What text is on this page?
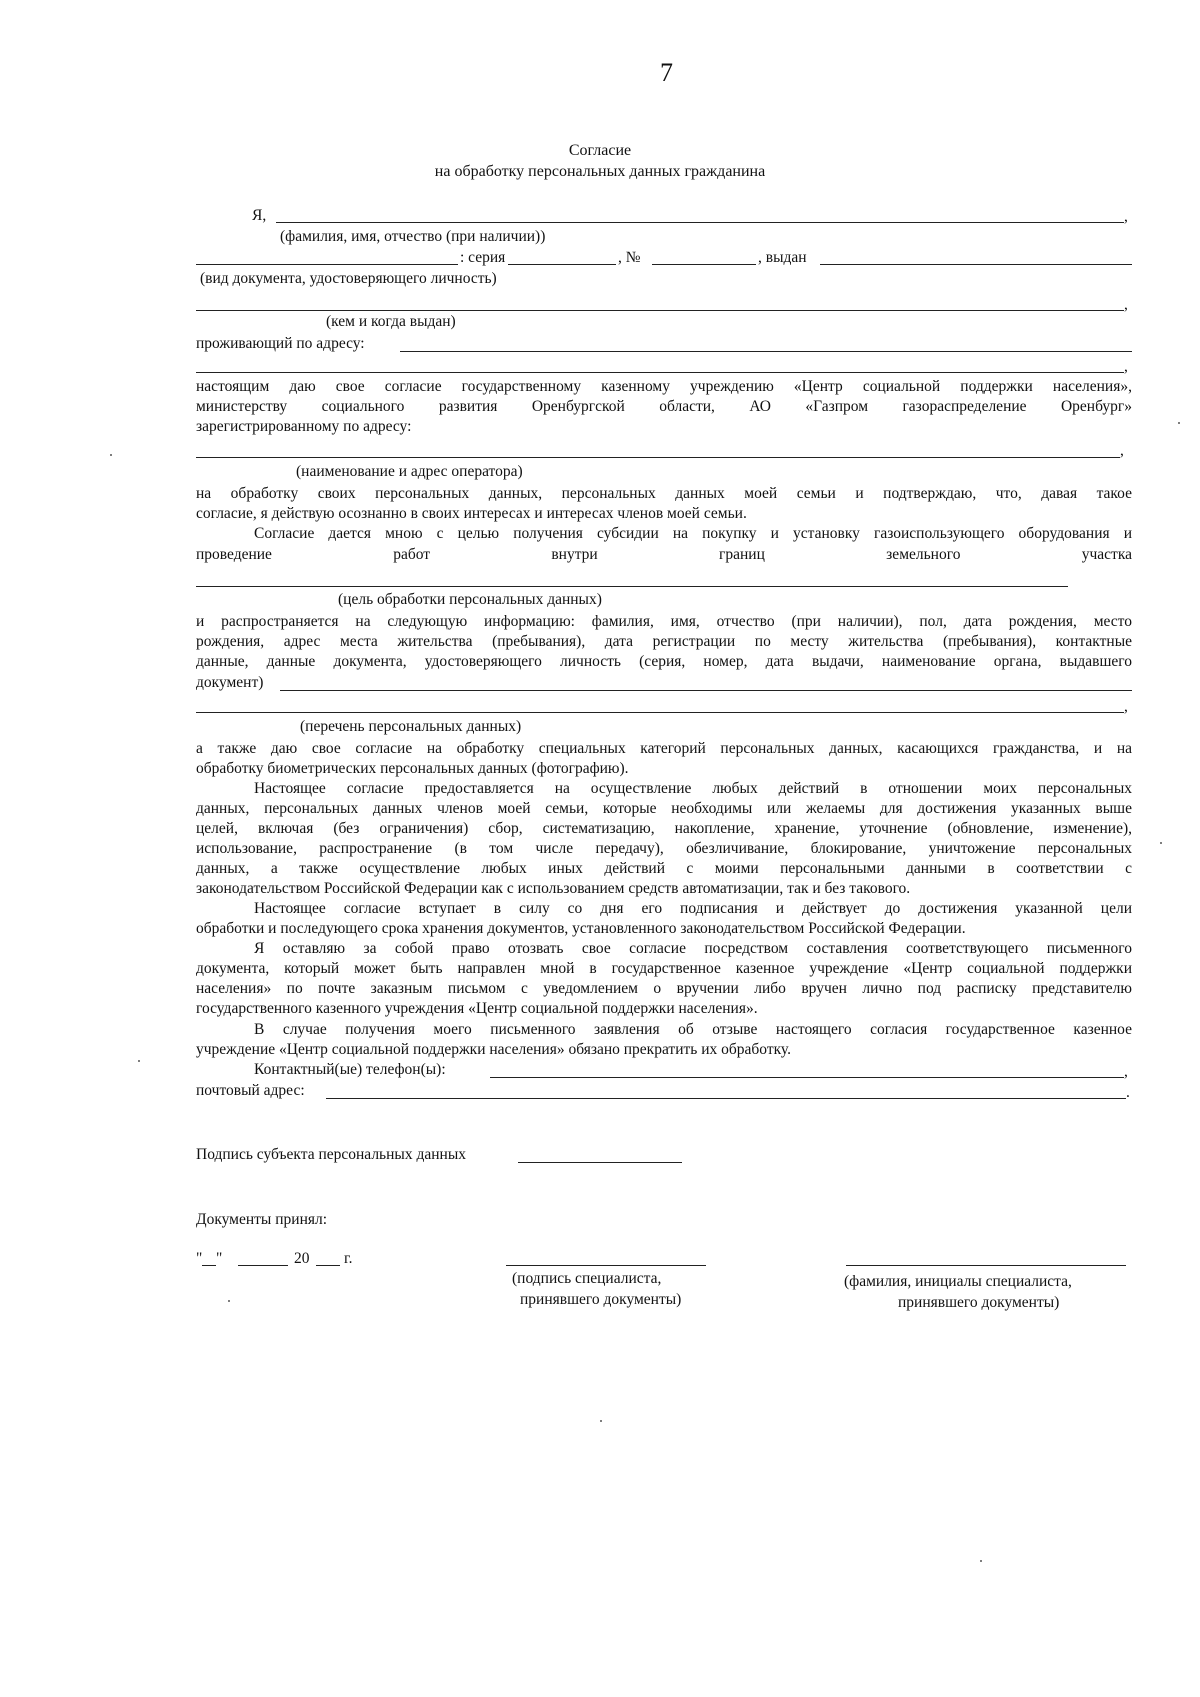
7
Согласие
на обработку персональных данных гражданина
Я,	,
(фамилия, имя, отчество (при наличии))
: серия	, №	, выдан
(вид документа, удостоверяющего личность)
,
(кем и когда выдан)
проживающий по адресу:
,
настоящим даю свое согласие государственному казенному учреждению «Центр социальной поддержки населения»,
министерству социального развития Оренбургской области, АО «Газпром газораспределение Оренбург»
зарегистрированному по адресу:
,
(наименование и адрес оператора)
на обработку своих персональных данных, персональных данных моей семьи и подтверждаю, что, давая такое
согласие, я действую осознанно в своих интересах и интересах членов моей семьи.
Согласие дается мною с целью получения субсидии на покупку и установку газоиспользующего оборудования и
проведение работ внутри границ земельного участка
(цель обработки персональных данных)
и распространяется на следующую информацию: фамилия, имя, отчество (при наличии), пол, дата рождения, место
рождения, адрес места жительства (пребывания), дата регистрации по месту жительства (пребывания), контактные
данные, данные документа, удостоверяющего личность (серия, номер, дата выдачи, наименование органа, выдавшего
документ)
,
(перечень персональных данных)
а также даю свое согласие на обработку специальных категорий персональных данных, касающихся гражданства, и на
обработку биометрических персональных данных (фотографию).
Настоящее согласие предоставляется на осуществление любых действий в отношении моих персональных
данных, персональных данных членов моей семьи, которые необходимы или желаемы для достижения указанных выше
целей, включая (без ограничения) сбор, систематизацию, накопление, хранение, уточнение (обновление, изменение),
использование, распространение (в том числе передачу), обезличивание, блокирование, уничтожение персональных
данных, а также осуществление любых иных действий с моими персональными данными в соответствии с
законодательством Российской Федерации как с использованием средств автоматизации, так и без такового.
Настоящее согласие вступает в силу со дня его подписания и действует до достижения указанной цели
обработки и последующего срока хранения документов, установленного законодательством Российской Федерации.
Я оставляю за собой право отозвать свое согласие посредством составления соответствующего письменного
документа, который может быть направлен мной в государственное казенное учреждение «Центр социальной поддержки
населения» по почте заказным письмом с уведомлением о вручении либо вручен лично под расписку представителю
государственного казенного учреждения «Центр социальной поддержки населения».
В случае получения моего письменного заявления об отзыве настоящего согласия государственное казенное
учреждение «Центр социальной поддержки населения» обязано прекратить их обработку.
Контактный(ые) телефон(ы):	,
почтовый адрес:	.
Подпись субъекта персональных данных
Документы принял:
" "	20 г.
(подпись специалиста,
принявшего документы)
(фамилия, инициалы специалиста,
принявшего документы)
